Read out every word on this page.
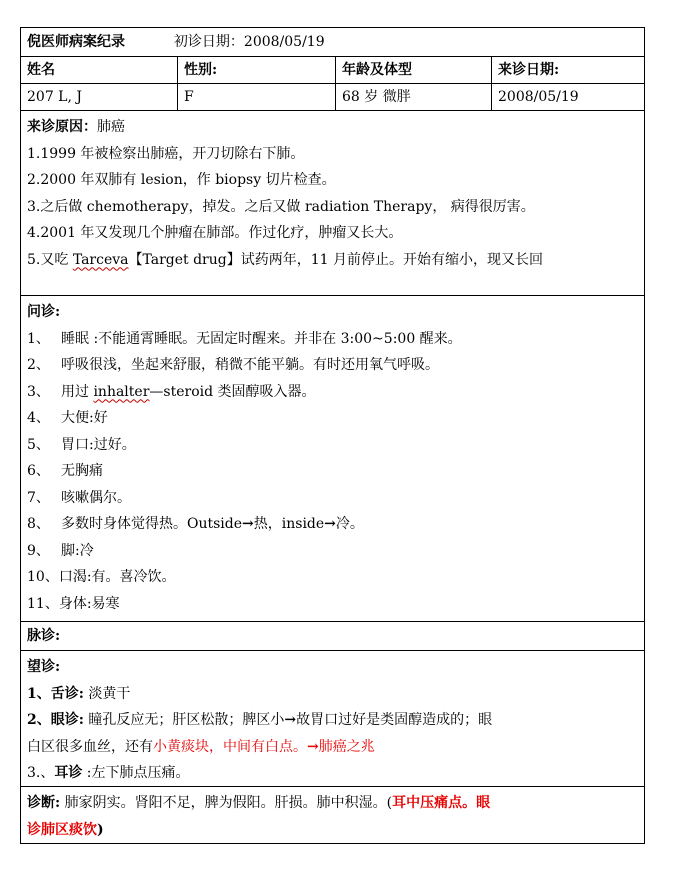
倪医师病案纪录	初诊日期：2008/05/19
姓名	性别:	年龄及体型	来诊日期:
207 L, J	F	68 岁 微胖	2008/05/19
来诊原因：肺癌
1.1999 年被检察出肺癌，开刀切除右下肺。
2.2000 年双肺有 lesion，作 biopsy 切片检查。
3.之后做 chemotherapy，掉发。之后又做 radiation Therapy， 病得很厉害。
4.2001 年又发现几个肿瘤在肺部。作过化疗，肿瘤又长大。
5.又吃 Tarceva【Target drug】试药两年，11 月前停止。开始有缩小，现又长回
问诊:
1、 睡眠 :不能通霄睡眠。无固定时醒来。并非在 3:00~5:00 醒来。
2、 呼吸很浅，坐起来舒服，稍微不能平躺。有时还用氧气呼吸。
3、 用过 inhalter—steroid 类固醇吸入器。
4、 大便:好
5、 胃口:过好。
6、 无胸痛
7、 咳嗽偶尔。
8、 多数时身体觉得热。Outside→热，inside→冷。
9、 脚:冷
10、口渴:有。喜冷饮。
11、身体:易寒
脉诊:
望诊:
1、舌诊: 淡黄干
2、眼诊: 瞳孔反应无；肝区松散；脾区小→故胃口过好是类固醇造成的；眼
白区很多血丝，还有小黄痰块，中间有白点。→肺癌之兆
3.、耳诊 :左下肺点压痛。
诊断: 肺家阴实。肾阳不足，脾为假阳。肝损。肺中积湿。(耳中压痛点。眼
诊肺区痰饮)
